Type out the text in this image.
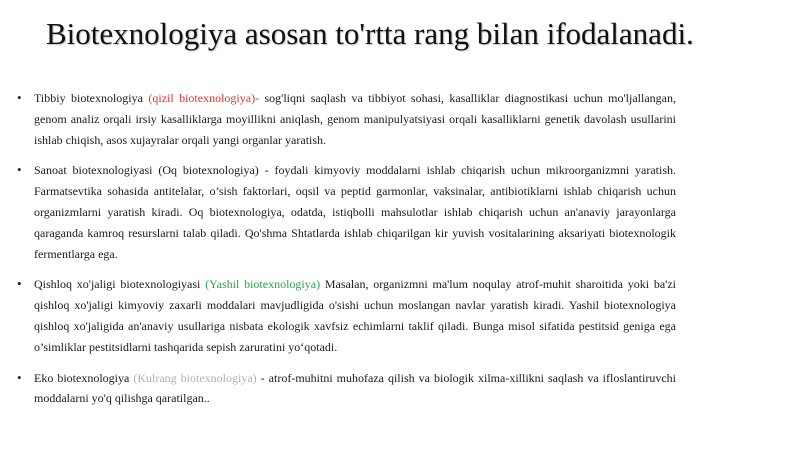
Biotexnologiya asosan to'rtta rang bilan ifodalanadi.
• Tibbiy biotexnologiya (qizil biotexnologiya)- sog'liqni saqlash va tibbiyot sohasi, kasalliklar diagnostikasi uchun mo'ljallangan, genom analiz orqali irsiy kasalliklarga moyillikni aniqlash, genom manipulyatsiyasi orqali kasalliklarni genetik davolash usullarini ishlab chiqish, asos xujayralar orqali yangi organlar yaratish.
• Sanoat biotexnologiyasi (Oq biotexnologiya) - foydali kimyoviy moddalarni ishlab chiqarish uchun mikroorganizmni yaratish. Farmatsevtika sohasida antitelalar, o’sish faktorlari, oqsil va peptid garmonlar, vaksinalar, antibiotiklarni ishlab chiqarish uchun organizmlarni yaratish kiradi. Oq biotexnologiya, odatda, istiqbolli mahsulotlar ishlab chiqarish uchun an'anaviy jarayonlarga qaraganda kamroq resurslarni talab qiladi. Qo'shma Shtatlarda ishlab chiqarilgan kir yuvish vositalarining aksariyati biotexnologik fermentlarga ega.
• Qishloq xo'jaligi biotexnologiyasi (Yashil biotexnologiya) Masalan, organizmni ma'lum noqulay atrof-muhit sharoitida yoki ba'zi qishloq xo'jaligi kimyoviy zaxarli moddalari mavjudligida o'sishi uchun moslangan navlar yaratish kiradi. Yashil biotexnologiya qishloq xo'jaligida an'anaviy usullariga nisbata ekologik xavfsiz echimlarni taklif qiladi. Bunga misol sifatida pestitsid geniga ega o’simliklar pestitsidlarni tashqarida sepish zaruratini yo‘qotadi.
• Eko biotexnologiya (Kulrang biotexnologiya) - atrof-muhitni muhofaza qilish va biologik xilma-xillikni saqlash va ifloslantiruvchi moddalarni yo'q qilishga qaratilgan..
